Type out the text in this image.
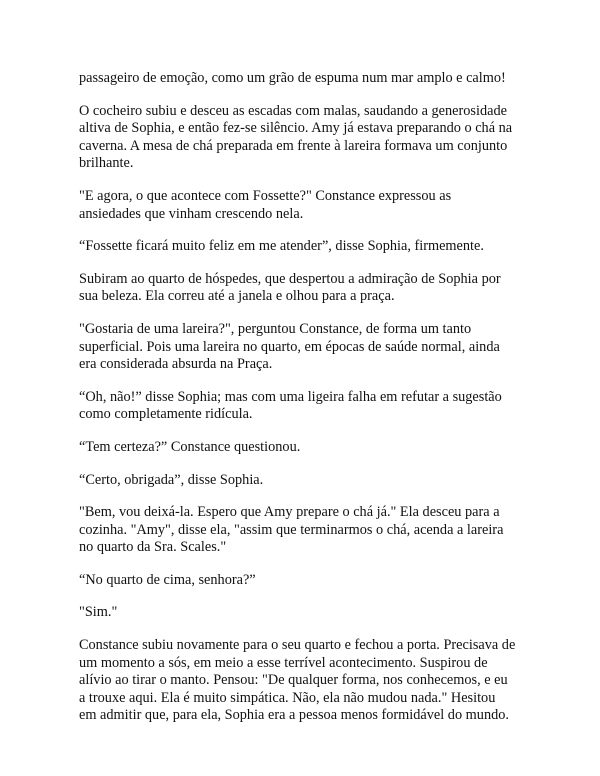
passageiro de emoção, como um grão de espuma num mar amplo e calmo!

O cocheiro subiu e desceu as escadas com malas, saudando a generosidade
altiva de Sophia, e então fez-se silêncio. Amy já estava preparando o chá na
caverna. A mesa de chá preparada em frente à lareira formava um conjunto
brilhante.

"E agora, o que acontece com Fossette?" Constance expressou as
ansiedades que vinham crescendo nela.

“Fossette ficará muito feliz em me atender”, disse Sophia, firmemente.

Subiram ao quarto de hóspedes, que despertou a admiração de Sophia por
sua beleza. Ela correu até a janela e olhou para a praça.

"Gostaria de uma lareira?", perguntou Constance, de forma um tanto
superficial. Pois uma lareira no quarto, em épocas de saúde normal, ainda
era considerada absurda na Praça.

“Oh, não!” disse Sophia; mas com uma ligeira falha em refutar a sugestão
como completamente ridícula.

“Tem certeza?” Constance questionou.

“Certo, obrigada”, disse Sophia.

"Bem, vou deixá-la. Espero que Amy prepare o chá já." Ela desceu para a
cozinha. "Amy", disse ela, "assim que terminarmos o chá, acenda a lareira
no quarto da Sra. Scales."

“No quarto de cima, senhora?”

"Sim."

Constance subiu novamente para o seu quarto e fechou a porta. Precisava de
um momento a sós, em meio a esse terrível acontecimento. Suspirou de
alívio ao tirar o manto. Pensou: "De qualquer forma, nos conhecemos, e eu
a trouxe aqui. Ela é muito simpática. Não, ela não mudou nada." Hesitou
em admitir que, para ela, Sophia era a pessoa menos formidável do mundo.
